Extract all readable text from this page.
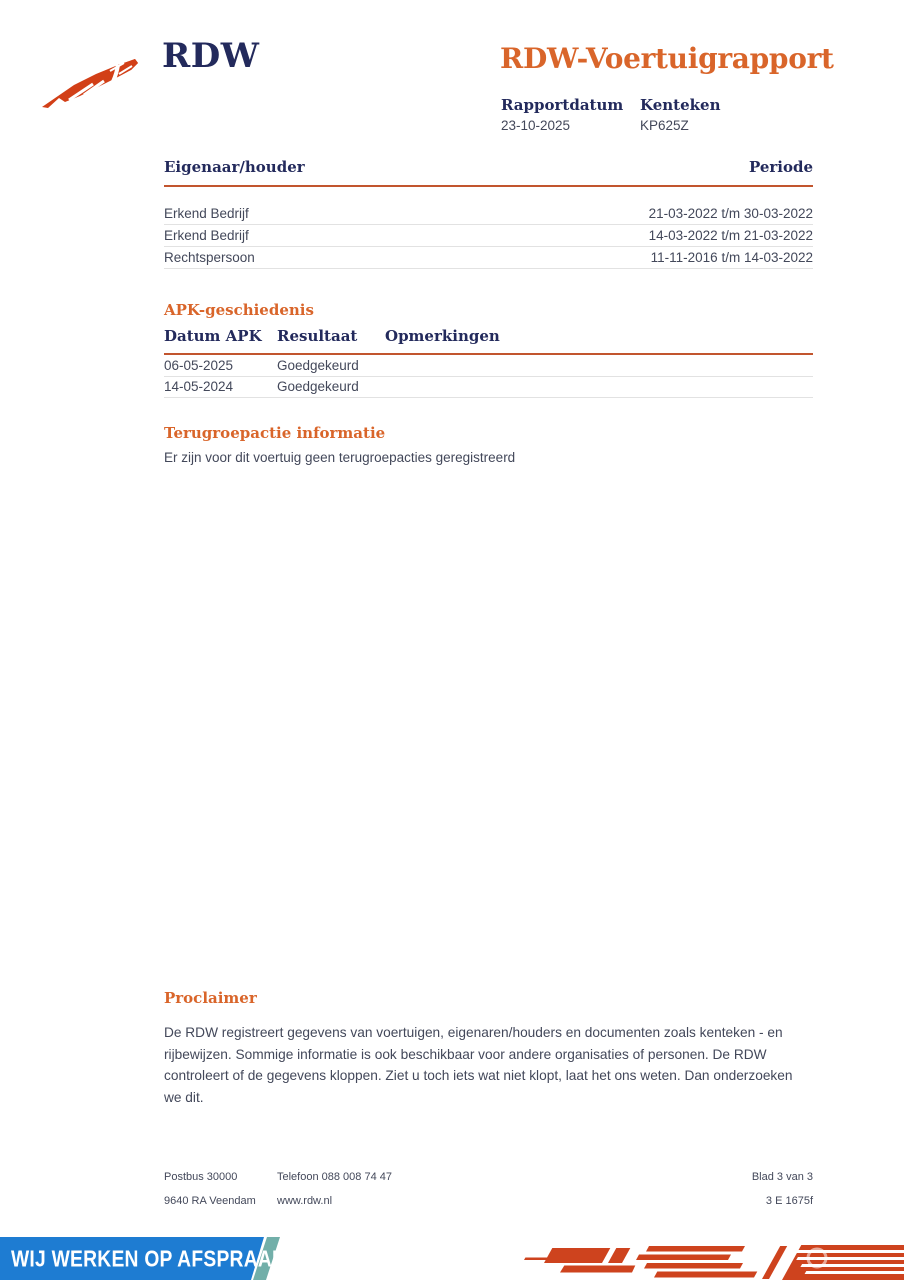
RDW	RDW-Voertuigrapport
Rapportdatum Kenteken
23-10-2025	KP625Z
Eigenaar/houder	Periode
Erkend Bedrijf	21-03-2022 t/m 30-03-2022
Erkend Bedrijf	14-03-2022 t/m 21-03-2022
Rechtspersoon	11-11-2016 t/m 14-03-2022
APK-geschiedenis
Datum APK	Resultaat	Opmerkingen
06-05-2025	Goedgekeurd
14-05-2024	Goedgekeurd
Terugroepactie informatie
Er zijn voor dit voertuig geen terugroepacties geregistreerd
Proclaimer
De RDW registreert gegevens van voertuigen, eigenaren/houders en documenten zoals kenteken - en rijbewijzen. Sommige informatie is ook beschikbaar voor andere organisaties of personen. De RDW controleert of de gegevens kloppen. Ziet u toch iets wat niet klopt, laat het ons weten. Dan onderzoeken we dit.
Postbus 30000	Telefoon 088 008 74 47	Blad 3 van 3
9640 RA Veendam	www.rdw.nl	3 E 1675f
WIJ WERKEN OP AFSPRAAK
